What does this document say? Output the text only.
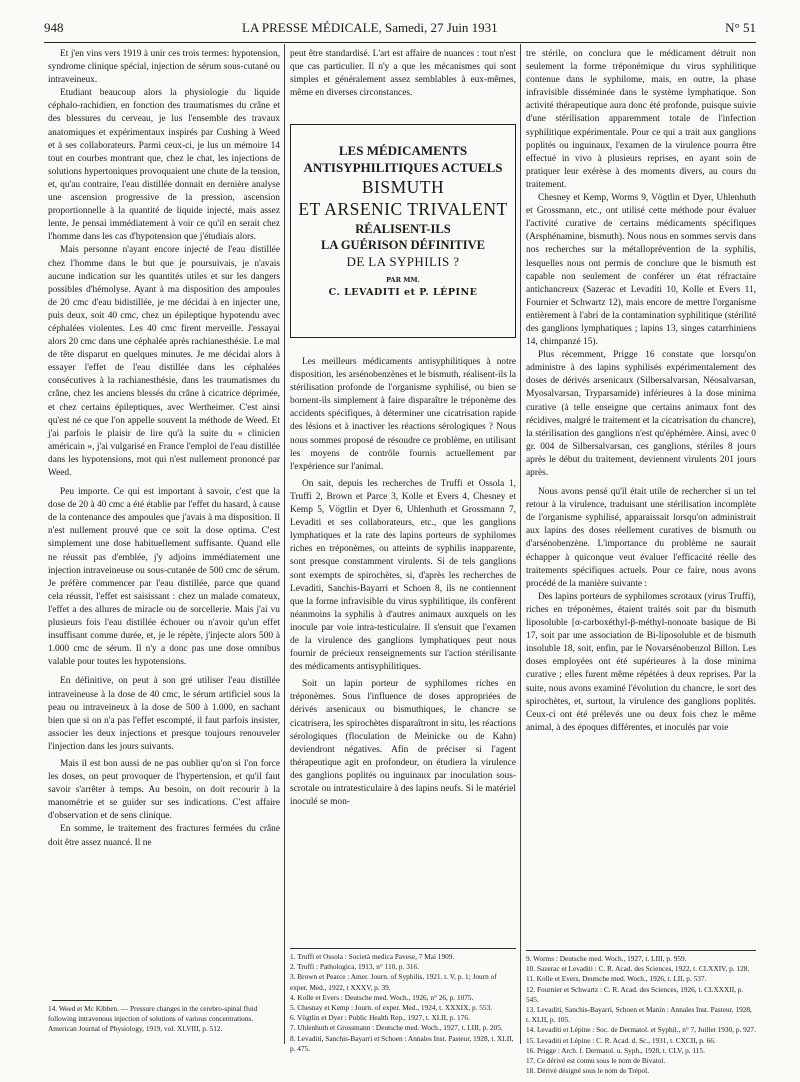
948	LA PRESSE MÉDICALE, Samedi, 27 Juin 1931	N° 51

Et j'en vins vers 1919 à unir ces trois termes: hypotension, syndrome clinique spécial, injection de sérum sous-cutané ou intraveineux.

Etudiant beaucoup alors la physiologie du liquide céphalo-rachidien, en fonction des traumatismes du crâne et des blessures du cerveau, je lus l'ensemble des travaux anatomiques et expérimentaux inspirés par Cushing à Weed et à ses collaborateurs. Parmi ceux-ci, je lus un mémoire 14 tout en courbes montrant que, chez le chat, les injections de solutions hypertoniques provoquaient une chute de la tension, et, qu'au contraire, l'eau distillée donnait en dernière analyse une ascension progressive de la pression, ascension proportionnelle à la quantité de liquide injecté, mais assez lente. Je pensai immédiatement à voir ce qu'il en serait chez l'homme dans les cas d'hypotension que j'étudiais alors.

Mais personne n'ayant encore injecté de l'eau distillée chez l'homme dans le but que je poursuivais, je n'avais aucune indication sur les quantités utiles et sur les dangers possibles d'hémolyse. Ayant à ma disposition des ampoules de 20 cmc d'eau bidistillée, je me décidai à en injecter une, puis deux, soit 40 cmc, chez un épileptique hypotendu avec céphalées violentes. Les 40 cmc firent merveille. J'essayai alors 20 cmc dans une céphalée après rachianesthésie. Le mal de tête disparut en quelques minutes. Je me décidai alors à essayer l'effet de l'eau distillée dans les céphalées consécutives à la rachianesthésie, dans les traumatismes du crâne, chez les anciens blessés du crâne à cicatrice déprimée, et chez certains épileptiques, avec Wertheimer. C'est ainsi qu'est né ce que l'on appelle souvent la méthode de Weed. Et j'ai parfois le plaisir de lire qu'à la suite du « clinicien américain », j'ai vulgarisé en France l'emploi de l'eau distillée dans les hypotensions, mot qui n'est nullement prononcé par Weed.

Peu importe. Ce qui est important à savoir, c'est que la dose de 20 à 40 cmc a été établie par l'effet du hasard, à cause de la contenance des ampoules que j'avais à ma disposition. Il n'est nullement prouvé que ce soit la dose optima. C'est simplement une dose habituellement suffisante. Quand elle ne réussit pas d'emblée, j'y adjoins immédiatement une injection intraveineuse ou sous-cutanée de 500 cmc de sérum. Je préfère commencer par l'eau distillée, parce que quand cela réussit, l'effet est saisissant : chez un malade comateux, l'effet a des allures de miracle ou de sorcellerie. Mais j'ai vu plusieurs fois l'eau distillée échouer ou n'avoir qu'un effet insuffisant comme durée, et, je le répète, j'injecte alors 500 à 1.000 cmc de sérum. Il n'y a donc pas une dose omnibus valable pour toutes les hypotensions.

En définitive, on peut à son gré utiliser l'eau distillée intraveineuse à la dose de 40 cmc, le sérum artificiel sous la peau ou intraveineux à la dose de 500 à 1.000, en sachant bien que si on n'a pas l'effet escompté, il faut parfois insister, associer les deux injections et presque toujours renouveler l'injection dans les jours suivants.

Mais il est bon aussi de ne pas oublier qu'on si l'on force les doses, on peut provoquer de l'hypertension, et qu'il faut savoir s'arrêter à temps. Au besoin, on doit recourir à la manométrie et se guider sur ses indications. C'est affaire d'observation et de sens clinique.

En somme, le traitement des fractures fermées du crâne doit être assez nuancé. Il ne

14. Weed et Mc Kibben. — Pressure changes in the cerebro-spinal fluid following intravenous injection of solutions of various concentrations. American Journal of Physiology, 1919, vol. XLVIII, p. 512.

peut être standardisé. L'art est affaire de nuances : tout n'est que cas particulier. Il n'y a que les mécanismes qui sont simples et généralement assez semblables à eux-mêmes, même en diverses circonstances.

LES MÉDICAMENTS
ANTISYPHILITIQUES ACTUELS
BISMUTH
ET ARSENIC TRIVALENT
RÉALISENT-ILS
LA GUÉRISON DÉFINITIVE
DE LA SYPHILIS ?
PAR MM.
C. LEVADITI et P. LÉPINE

Les meilleurs médicaments antisyphilitiques à notre disposition, les arsénobenzènes et le bismuth, réalisent-ils la stérilisation profonde de l'organisme syphilisé, ou bien se bornent-ils simplement à faire disparaître le tréponème des accidents spécifiques, à déterminer une cicatrisation rapide des lésions et à inactiver les réactions sérologiques ? Nous nous sommes proposé de résoudre ce problème, en utilisant les moyens de contrôle fournis actuellement par l'expérience sur l'animal.

On sait, depuis les recherches de Truffi et Ossola 1, Truffi 2, Brown et Parce 3, Kolle et Evers 4, Chesney et Kemp 5, Vögtlin et Dyer 6, Uhlenhuth et Grossmann 7, Levaditi et ses collaborateurs, etc., que les ganglions lymphatiques et la rate des lapins porteurs de syphilomes riches en tréponèmes, ou atteints de syphilis inapparente, sont presque constamment virulents. Si de tels ganglions sont exempts de spirochètes, si, d'après les recherches de Levaditi, Sanchis-Bayarri et Schoen 8, ils ne contiennent que la forme infravisible du virus syphilitique, ils confèrent néanmoins la syphilis à d'autres animaux auxquels on les inocule par voie intra-testiculaire. Il s'ensuit que l'examen de la virulence des ganglions lymphatiques peut nous fournir de précieux renseignements sur l'action stérilisante des médicaments antisyphilitiques.

Soit un lapin porteur de syphilomes riches en tréponèmes. Sous l'influence de doses appropriées de dérivés arsenicaux ou bismuthiques, le chancre se cicatrisera, les spirochètes disparaîtront in situ, les réactions sérologiques (floculation de Meinicke ou de Kahn) deviendront négatives. Afin de préciser si l'agent thérapeutique agit en profondeur, on étudiera la virulence des ganglions poplités ou inguinaux par inoculation sous-scrotale ou intratesticulaire à des lapins neufs. Si le matériel inoculé se mon-

1. Truffi et Ossola : Società medica Pavese, 7 Mai 1909.

2. Truffi : Pathologica, 1913, n° 110, p. 316.

3. Brown et Pearce : Amer. Journ. of Syphilis, 1921. t. V, p. 1; Journ of exper. Med., 1922, t XXXV, p. 39.

4. Kolle et Evers : Deutsche med. Woch., 1926, n° 26, p. 1075.

5. Chesnay et Kemp : Journ. of exper. Med., 1924, t. XXXIX, p. 553.

6. Vögtlin et Dyer : Public Health Rep., 1927, t. XLII, p. 176.

7. Uhlenhuth et Grossmann : Deutsche med. Woch., 1927, t. LIII, p. 205.

8. Levaditi, Sanchis-Bayarri et Schoen : Annales Inst. Pasteur, 1928, t. XLII, p. 475.

tre stérile, on conclura que le médicament détruit non seulement la forme tréponémique du virus syphilitique contenue dans le syphilome, mais, en outre, la phase infravisible disséminée dans le système lymphatique. Son activité thérapeutique aura donc été profonde, puisque suivie d'une stérilisation apparemment totale de l'infection syphilitique expérimentale. Pour ce qui a trait aux ganglions poplités ou inguinaux, l'examen de la virulence pourra être effectué in vivo à plusieurs reprises, en ayant soin de pratiquer leur exérèse à des moments divers, au cours du traitement.

Chesney et Kemp, Worms 9, Vögtlin et Dyer, Uhlenhuth et Grossmann, etc., ont utilisé cette méthode pour évaluer l'activité curative de certains médicaments spécifiques (Arsphénamine, bismuth). Nous nous en sommes servis dans nos recherches sur la métalloprévention de la syphilis, lesquelles nous ont permis de conclure que le bismuth est capable non seulement de conférer un état réfractaire antichancreux (Sazerac et Levaditi 10, Kolle et Evers 11, Fournier et Schwartz 12), mais encore de mettre l'organisme entièrement à l'abri de la contamination syphilitique (stérilité des ganglions lymphatiques ; lapins 13, singes catarrhiniens 14, chimpanzé 15).

Plus récemment, Prigge 16 constate que lorsqu'on administre à des lapins syphilisés expérimentalement des doses de dérivés arsenicaux (Silbersalvarsan, Néosalvarsan, Myosalvarsan, Tryparsamide) inférieures à la dose minima curative (à telle enseigne que certains animaux font des récidives, malgré le traitement et la cicatrisation du chancre), la stérilisation des ganglions n'est qu'éphémère. Ainsi, avec 0 gr. 004 de Silbersalvarsan, ces ganglions, stériles 8 jours après le début du traitement, deviennent virulents 201 jours après.

Nous avons pensé qu'il était utile de rechercher si un tel retour à la virulence, traduisant une stérilisation incomplète de l'organisme syphilisé, apparaissait lorsqu'on administrait aux lapins des doses réellement curatives de bismuth ou d'arsénobenzène. L'importance du problème ne saurait échapper à quiconque veut évaluer l'efficacité réelle des traitements spécifiques actuels. Pour ce faire, nous avons procédé de la manière suivante :

Des lapins porteurs de syphilomes scrotaux (virus Truffi), riches en tréponèmes, étaient traités soit par du bismuth liposoluble [α-carboxéthyl-β-méthyl-nonoate basique de Bi 17, soit par une association de Bi-liposoluble et de bismuth insoluble 18, soit, enfin, par le Novarsénobenzol Billon. Les doses employées ont été supérieures à la dose minima curative ; elles furent même répétées à deux reprises. Par la suite, nous avons examiné l'évolution du chancre, le sort des spirochètes, et, surtout, la virulence des ganglions poplités. Ceux-ci ont été prélevés une ou deux fois chez le même animal, à des époques différentes, et inoculés par voie

9. Worms : Deutsche med. Woch., 1927, t. LIII, p. 959.

10. Sazerac et Levaditi : C. R. Acad. des Sciences, 1922, t. CLXXIV, p. 128.

11. Kolle et Evers, Deutsche med. Woch., 1926, t. LII, p. 537.

12. Fournier et Schwartz : C. R. Acad. des Sciences, 1926, t. CLXXXII, p. 545.

13. Levaditi, Sanchis-Bayarri, Schoen et Manin : Annales Inst. Pasteur, 1928, t. XLII, p. 105.

14. Levaditi et Lépine : Soc. de Dermatol. et Syphil., n° 7, Juillet 1930, p. 927.

15. Levaditi et Lépine : C. R. Acad. d. Sc., 1931, t. CXCII, p. 66.

16. Prigge : Arch. f. Dermatol. u. Syph., 1928, t. CLV, p. 115.

17. Ce dérivé est connu sous le nom de Bivatol.

18. Dérivé désigné sous le nom de Trépol.
